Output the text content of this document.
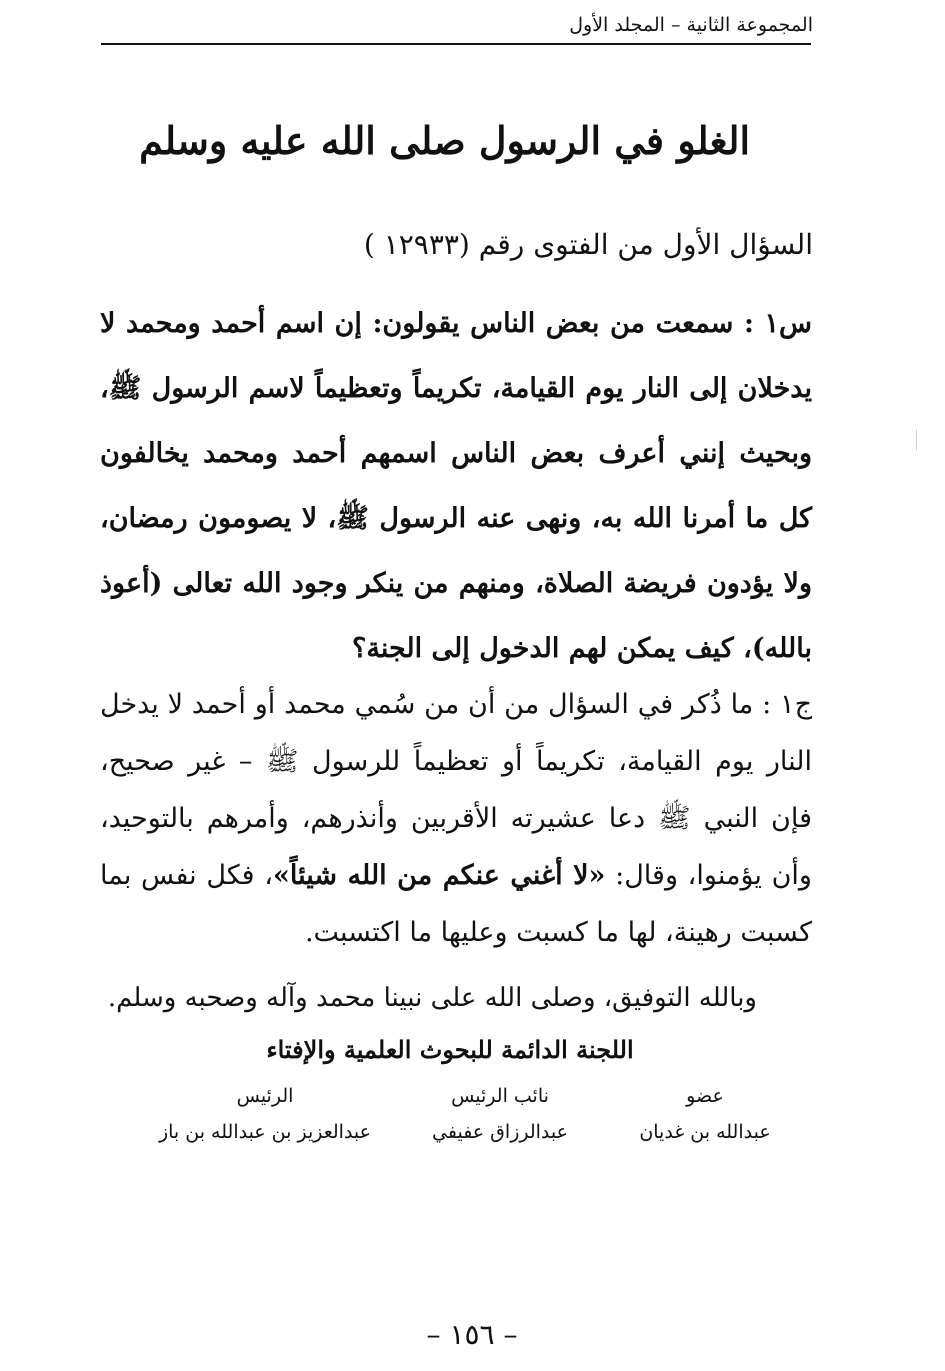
المجموعة الثانية – المجلد الأول
الغلو في الرسول صلى الله عليه وسلم
السؤال الأول من الفتوى رقم (١٢٩٣٣ )

س١ : سمعت من بعض الناس يقولون: إن اسم أحمد ومحمد لا يدخلان إلى النار يوم القيامة، تكريماً وتعظيماً لاسم الرسول ﷺ، وبحيث إنني أعرف بعض الناس اسمهم أحمد ومحمد يخالفون كل ما أمرنا الله به، ونهى عنه الرسول ﷺ، لا يصومون رمضان، ولا يؤدون فريضة الصلاة، ومنهم من ينكر وجود الله تعالى (أعوذ بالله)، كيف يمكن لهم الدخول إلى الجنة؟

ج١ : ما ذُكر في السؤال من أن من سُمي محمد أو أحمد لا يدخل النار يوم القيامة، تكريماً أو تعظيماً للرسول ﷺ – غير صحيح، فإن النبي ﷺ دعا عشيرته الأقربين وأنذرهم، وأمرهم بالتوحيد، وأن يؤمنوا، وقال: «لا أغني عنكم من الله شيئاً»، فكل نفس بما كسبت رهينة، لها ما كسبت وعليها ما اكتسبت.

وبالله التوفيق، وصلى الله على نبينا محمد وآله وصحبه وسلم.
اللجنة الدائمة للبحوث العلمية والإفتاء
عضو
عبدالله بن غديان
نائب الرئيس
عبدالرزاق عفيفي
الرئيس
عبدالعزيز بن عبدالله بن باز
– ١٥٦ –
